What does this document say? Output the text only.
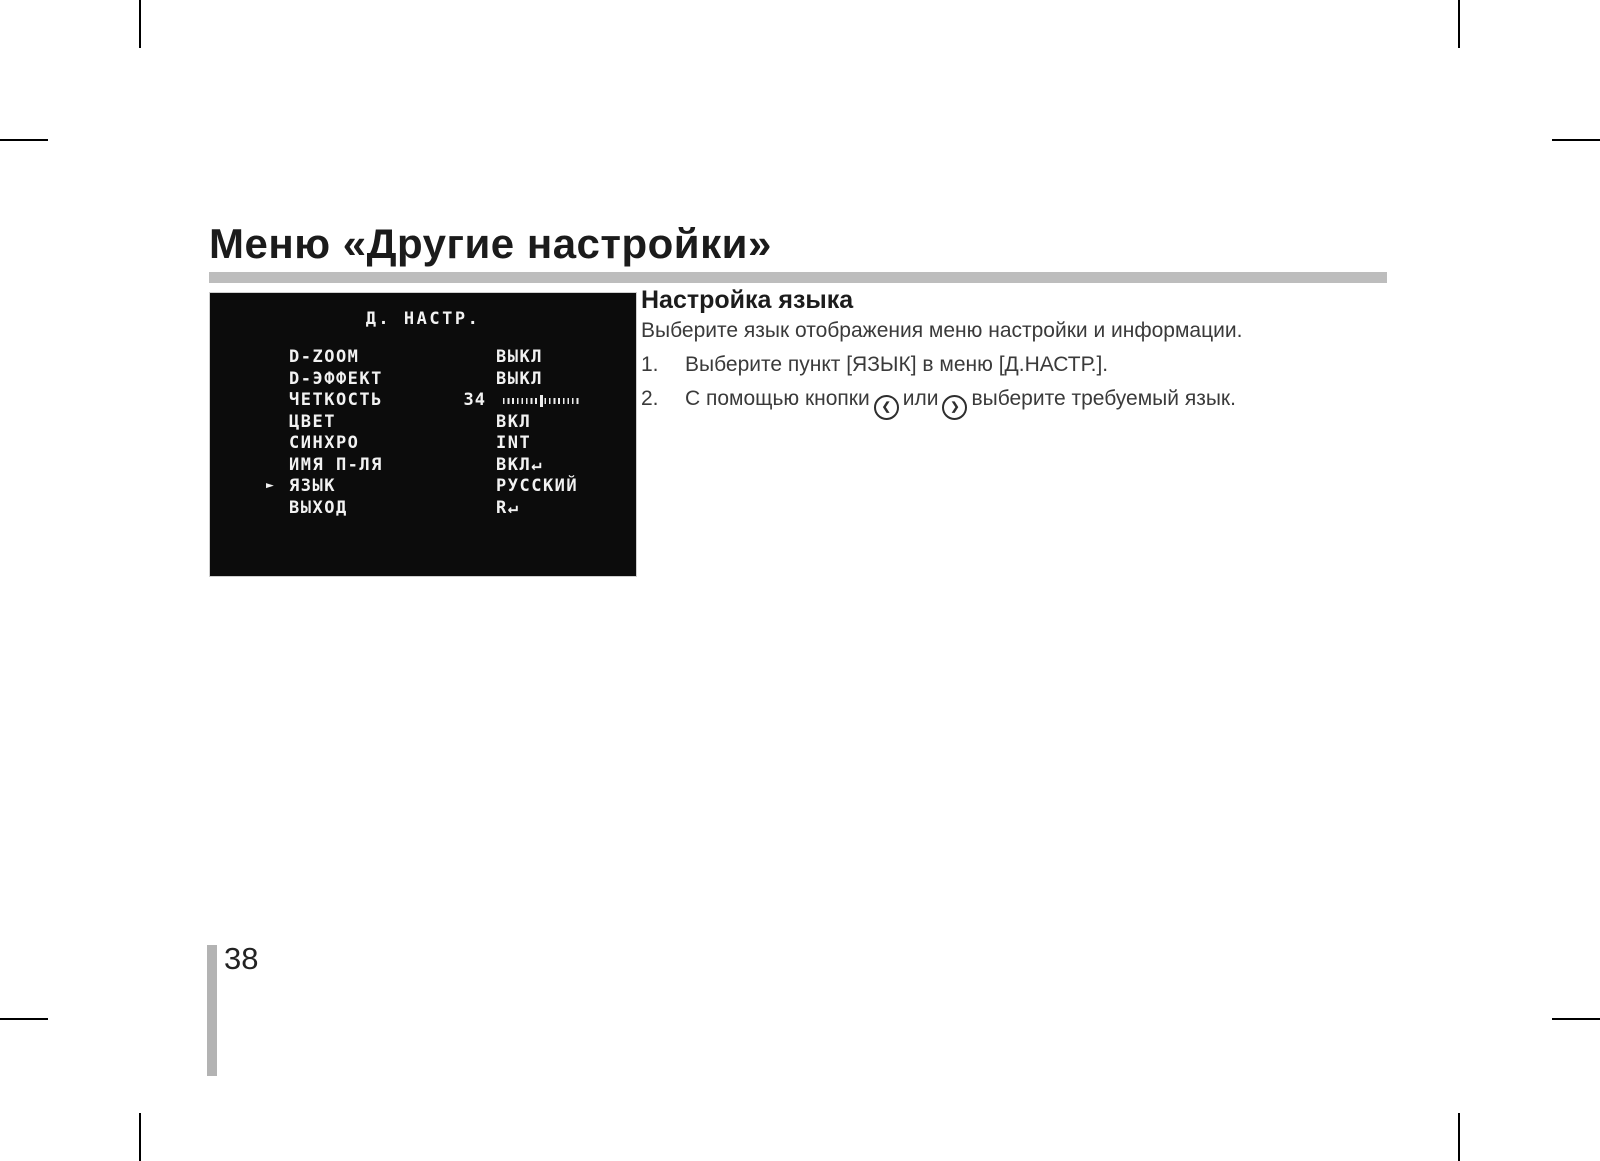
Меню «Другие настройки»
Д. НАСТР.
D-ZOOM	ВЫКЛ
D-ЭФФЕКТ	ВЫКЛ
ЧЕТКОСТЬ	34
ЦВЕТ	ВКЛ
СИНХРО	INT
ИМЯ П-ЛЯ	ВКЛ↵
► ЯЗЫК	РУССКИЙ
ВЫХОД	R↵
Настройка языка
Выберите язык отображения меню настройки и информации.
1. Выберите пункт [ЯЗЫК] в меню [Д.НАСТР.].
2. С помощью кнопки ❮ или ❯ выберите требуемый язык.
38
